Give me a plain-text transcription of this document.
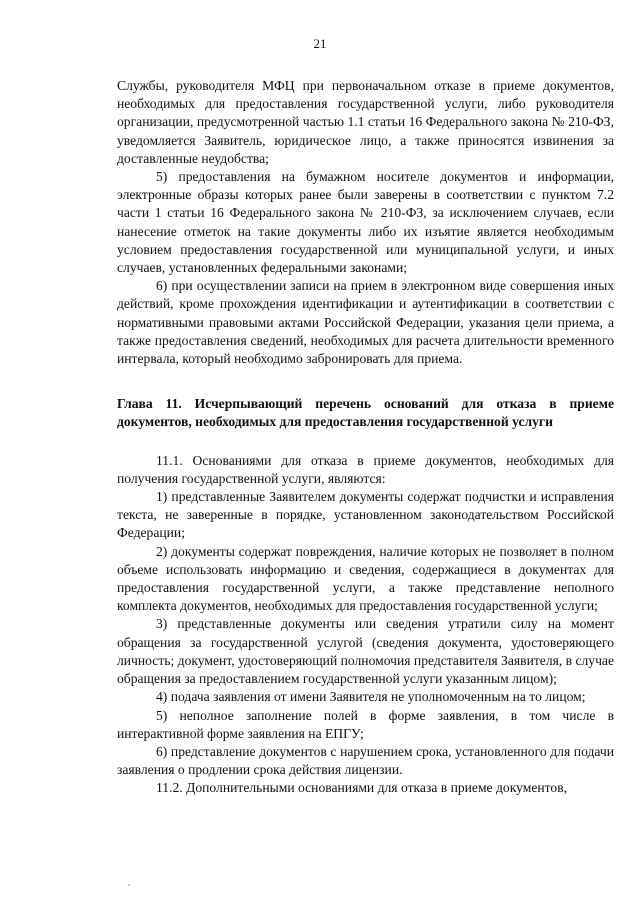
21

Службы, руководителя МФЦ при первоначальном отказе в приеме документов, необходимых для предоставления государственной услуги, либо руководителя организации, предусмотренной частью 1.1 статьи 16 Федерального закона № 210-ФЗ, уведомляется Заявитель, юридическое лицо, а также приносятся извинения за доставленные неудобства;

5) предоставления на бумажном носителе документов и информации, электронные образы которых ранее были заверены в соответствии с пунктом 7.2 части 1 статьи 16 Федерального закона № 210-ФЗ, за исключением случаев, если нанесение отметок на такие документы либо их изъятие является необходимым условием предоставления государственной или муниципальной услуги, и иных случаев, установленных федеральными законами;

6) при осуществлении записи на прием в электронном виде совершения иных действий, кроме прохождения идентификации и аутентификации в соответствии с нормативными правовыми актами Российской Федерации, указания цели приема, а также предоставления сведений, необходимых для расчета длительности временного интервала, который необходимо забронировать для приема.

Глава 11. Исчерпывающий перечень оснований для отказа в приеме документов, необходимых для предоставления государственной услуги

11.1. Основаниями для отказа в приеме документов, необходимых для получения государственной услуги, являются:

1) представленные Заявителем документы содержат подчистки и исправления текста, не заверенные в порядке, установленном законодательством Российской Федерации;

2) документы содержат повреждения, наличие которых не позволяет в полном объеме использовать информацию и сведения, содержащиеся в документах для предоставления государственной услуги, а также представление неполного комплекта документов, необходимых для предоставления государственной услуги;

3) представленные документы или сведения утратили силу на момент обращения за государственной услугой (сведения документа, удостоверяющего личность; документ, удостоверяющий полномочия представителя Заявителя, в случае обращения за предоставлением государственной услуги указанным лицом);

4) подача заявления от имени Заявителя не уполномоченным на то лицом;

5) неполное заполнение полей в форме заявления, в том числе в интерактивной форме заявления на ЕПГУ;

6) представление документов с нарушением срока, установленного для подачи заявления о продлении срока действия лицензии.

11.2. Дополнительными основаниями для отказа в приеме документов,
